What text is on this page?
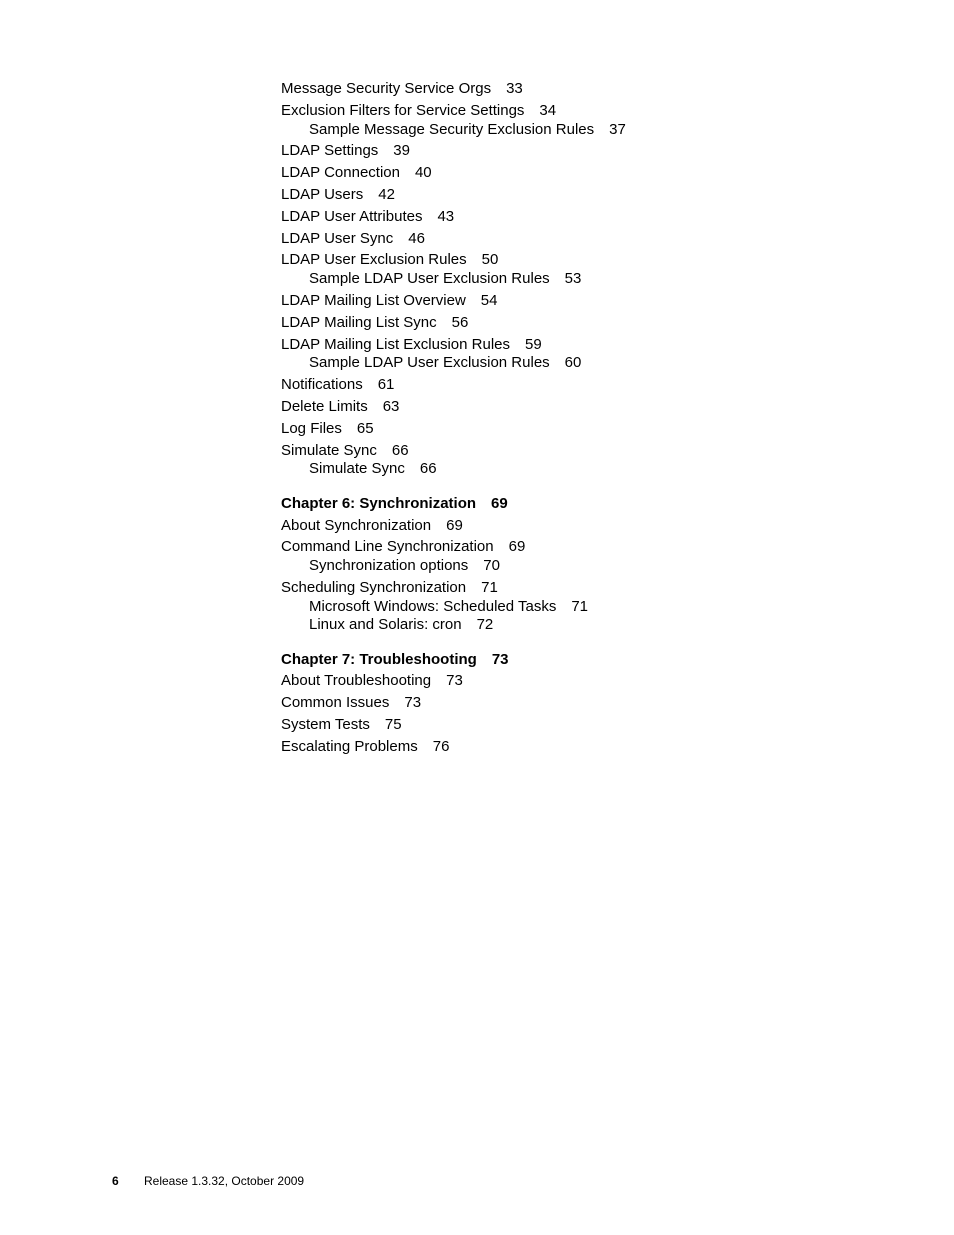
Message Security Service Orgs 33
Exclusion Filters for Service Settings 34
Sample Message Security Exclusion Rules 37
LDAP Settings 39
LDAP Connection 40
LDAP Users 42
LDAP User Attributes 43
LDAP User Sync 46
LDAP User Exclusion Rules 50
Sample LDAP User Exclusion Rules 53
LDAP Mailing List Overview 54
LDAP Mailing List Sync 56
LDAP Mailing List Exclusion Rules 59
Sample LDAP User Exclusion Rules 60
Notifications 61
Delete Limits 63
Log Files 65
Simulate Sync 66
Simulate Sync 66
Chapter 6: Synchronization 69
About Synchronization 69
Command Line Synchronization 69
Synchronization options 70
Scheduling Synchronization 71
Microsoft Windows: Scheduled Tasks 71
Linux and Solaris: cron 72
Chapter 7: Troubleshooting 73
About Troubleshooting 73
Common Issues 73
System Tests 75
Escalating Problems 76
6 Release 1.3.32, October 2009
